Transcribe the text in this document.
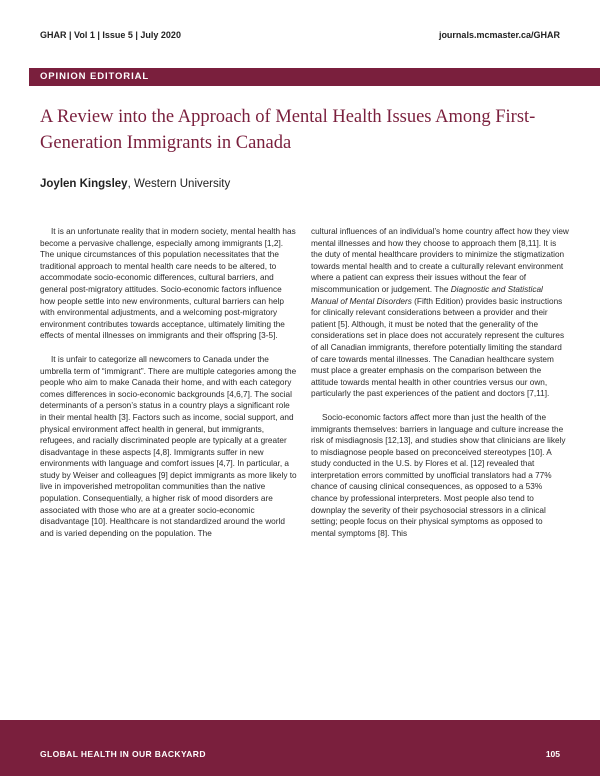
GHAR | Vol 1 | Issue 5 | July 2020	journals.mcmaster.ca/GHAR
OPINION EDITORIAL
A Review into the Approach of Mental Health Issues Among First-Generation Immigrants in Canada
Joylen Kingsley, Western University

It is an unfortunate reality that in modern society, mental health has become a pervasive challenge, especially among immigrants [1,2]. The unique circumstances of this population necessitates that the traditional approach to mental health care needs to be altered, to accommodate socio-economic differences, cultural barriers, and general post-migratory attitudes. Socio-economic factors influence how people settle into new environments, cultural barriers can help with environmental adjustments, and a welcoming post-migratory environment contributes towards acceptance, ultimately limiting the effects of mental illnesses on immigrants and their offspring [3-5].

It is unfair to categorize all newcomers to Canada under the umbrella term of “immigrant”. There are multiple categories among the people who aim to make Canada their home, and with each category comes differences in socio-economic backgrounds [4,6,7]. The social determinants of a person’s status in a country plays a significant role in their mental health [3]. Factors such as income, social support, and physical environment affect health in general, but immigrants, refugees, and racially discriminated people are typically at a greater disadvantage in these aspects [4,8]. Immigrants suffer in new environments with language and comfort issues [4,7]. In particular, a study by Weiser and colleagues [9] depict immigrants as more likely to live in impoverished metropolitan communities than the native population. Consequentially, a higher risk of mood disorders are associated with those who are at a greater socio-economic disadvantage [10]. Healthcare is not standardized around the world and is varied depending on the population. The

cultural influences of an individual’s home country affect how they view mental illnesses and how they choose to approach them [8,11]. It is the duty of mental healthcare providers to minimize the stigmatization towards mental health and to create a culturally relevant environment where a patient can express their issues without the fear of miscommunication or judgement. The Diagnostic and Statistical Manual of Mental Disorders (Fifth Edition) provides basic instructions for clinically relevant considerations between a provider and their patient [5]. Although, it must be noted that the generality of the considerations set in place does not accurately represent the cultures of all Canadian immigrants, therefore potentially limiting the standard of care towards mental illnesses. The Canadian healthcare system must place a greater emphasis on the comparison between the attitude towards mental health in other countries versus our own, particularly the past experiences of the patient and doctors [7,11].

Socio-economic factors affect more than just the health of the immigrants themselves: barriers in language and culture increase the risk of misdiagnosis [12,13], and studies show that clinicians are likely to misdiagnose people based on preconceived stereotypes [10]. A study conducted in the U.S. by Flores et al. [12] revealed that interpretation errors committed by unofficial translators had a 77% chance of causing clinical consequences, as opposed to a 53% chance by professional interpreters. Most people also tend to downplay the severity of their psychosocial stressors in a clinical setting; people focus on their physical symptoms as opposed to mental symptoms [8]. This

GLOBAL HEALTH IN OUR BACKYARD	105
